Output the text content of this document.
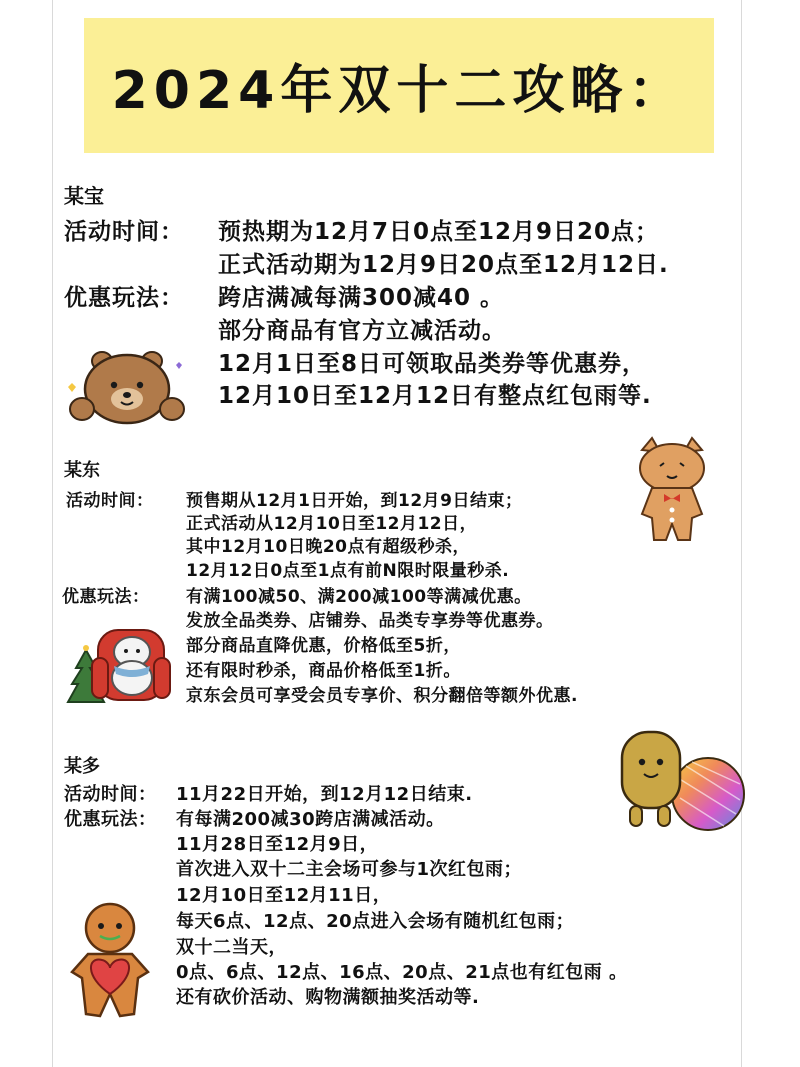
2024年双十二攻略：
某宝
活动时间： 预热期为12月7日0点至12月9日20点；
正式活动期为12月9日20点至12月12日.
优惠玩法： 跨店满减每满300减40 。
部分商品有官方立减活动。
12月1日至8日可领取品类券等优惠券，
12月10日至12月12日有整点红包雨等.
某东
活动时间： 预售期从12月1日开始，到12月9日结束；
正式活动从12月10日至12月12日，
其中12月10日晚20点有超级秒杀，
12月12日0点至1点有前N限时限量秒杀.
优惠玩法： 有满100减50、满200减100等满减优惠。
发放全品类券、店铺券、品类专享券等优惠券。
部分商品直降优惠，价格低至5折，
还有限时秒杀，商品价格低至1折。
京东会员可享受会员专享价、积分翻倍等额外优惠.
某多
活动时间： 11月22日开始，到12月12日结束.
优惠玩法： 有每满200减30跨店满减活动。
11月28日至12月9日，
首次进入双十二主会场可参与1次红包雨；
12月10日至12月11日，
每天6点、12点、20点进入会场有随机红包雨；
双十二当天，
0点、6点、12点、16点、20点、21点也有红包雨 。
还有砍价活动、购物满额抽奖活动等.
